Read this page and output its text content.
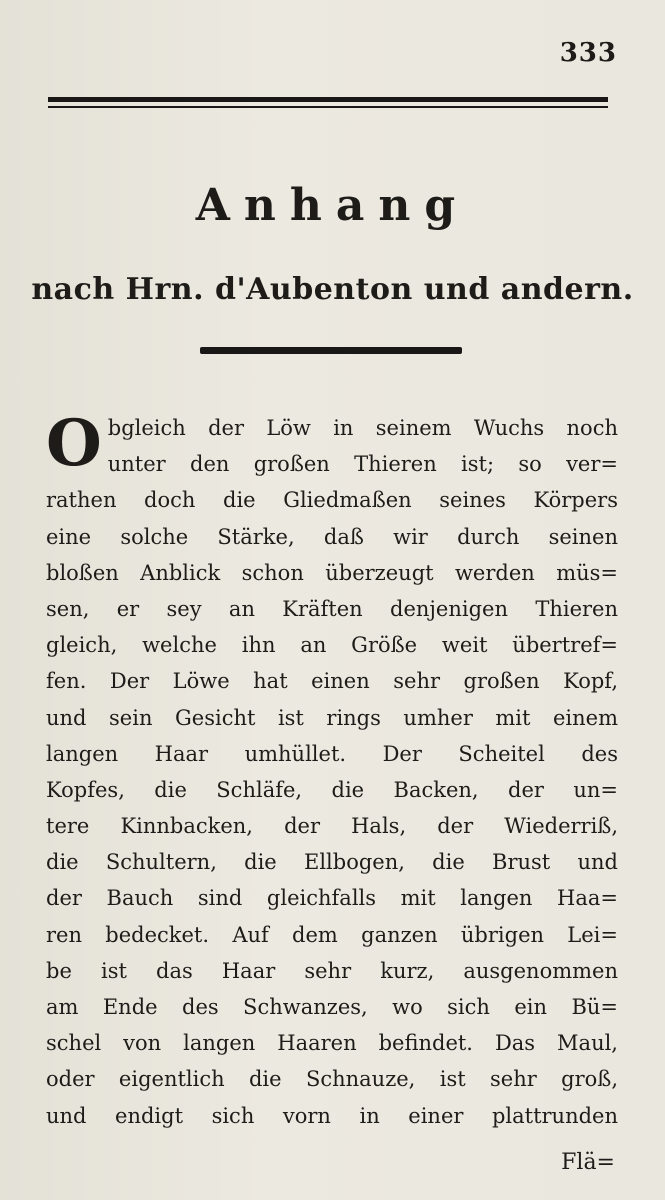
333
Anhang
nach Hrn. d'Aubenton und andern.
O bgleich der Löw in seinem Wuchs noch
unter den großen Thieren ist; so ver=
rathen doch die Gliedmaßen seines Körpers
eine solche Stärke, daß wir durch seinen
bloßen Anblick schon überzeugt werden müs=
sen, er sey an Kräften denjenigen Thieren
gleich, welche ihn an Größe weit übertref=
fen. Der Löwe hat einen sehr großen Kopf,
und sein Gesicht ist rings umher mit einem
langen Haar umhüllet. Der Scheitel des
Kopfes, die Schläfe, die Backen, der un=
tere Kinnbacken, der Hals, der Wiederriß,
die Schultern, die Ellbogen, die Brust und
der Bauch sind gleichfalls mit langen Haa=
ren bedecket. Auf dem ganzen übrigen Lei=
be ist das Haar sehr kurz, ausgenommen
am Ende des Schwanzes, wo sich ein Bü=
schel von langen Haaren befindet. Das Maul,
oder eigentlich die Schnauze, ist sehr groß,
und endigt sich vorn in einer plattrunden
Flä=
